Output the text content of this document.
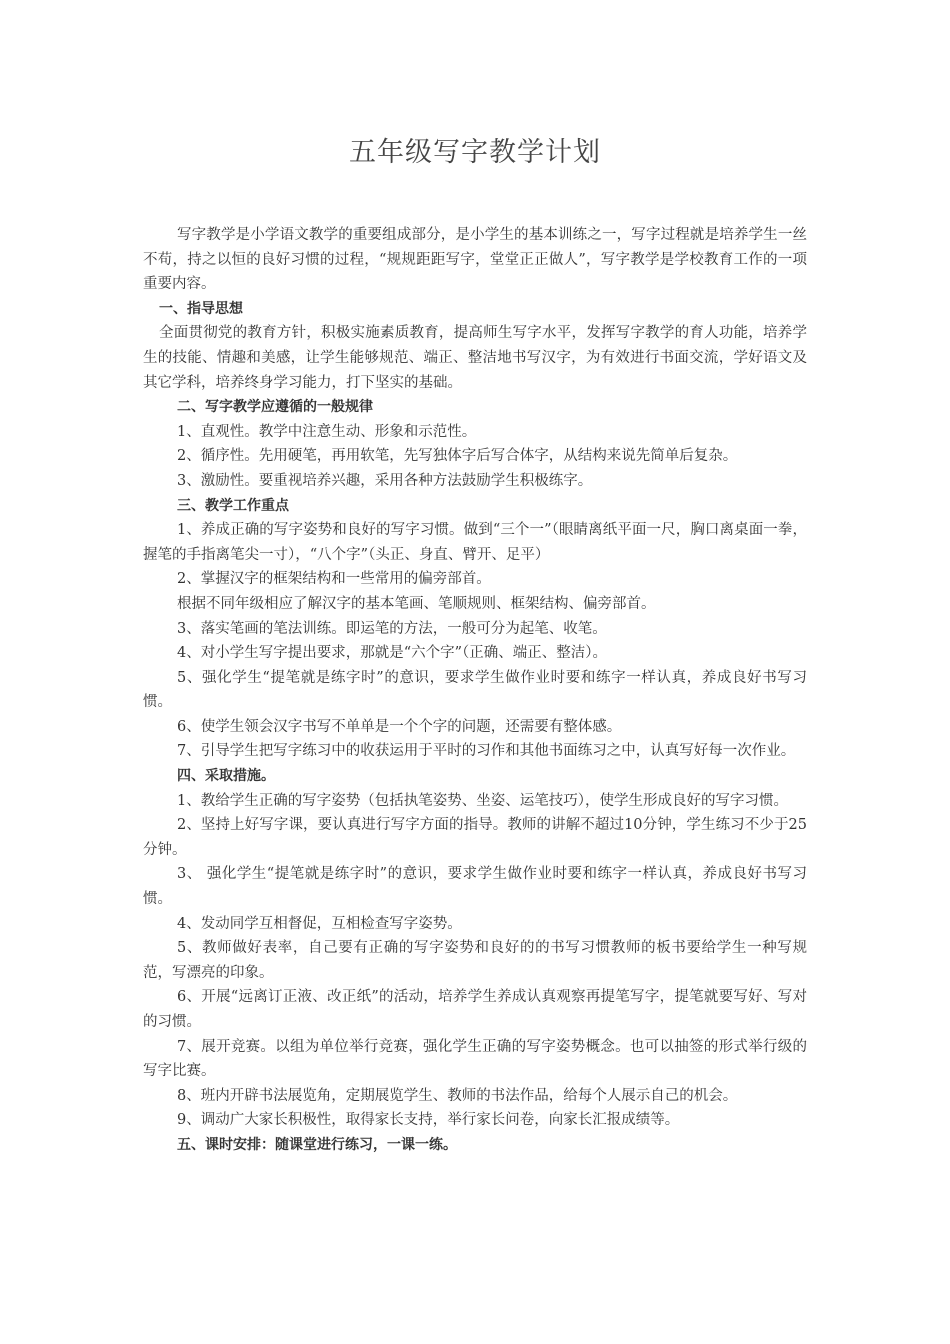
五年级写字教学计划

写字教学是小学语文教学的重要组成部分，是小学生的基本训练之一，写字过程就是培养学生一丝不苟，持之以恒的良好习惯的过程，“规规距距写字，堂堂正正做人”，写字教学是学校教育工作的一项重要内容。

一、指导思想

全面贯彻党的教育方针，积极实施素质教育，提高师生写字水平，发挥写字教学的育人功能，培养学生的技能、情趣和美感，让学生能够规范、端正、整洁地书写汉字，为有效进行书面交流，学好语文及其它学科，培养终身学习能力，打下坚实的基础。

二、写字教学应遵循的一般规律

1、直观性。教学中注意生动、形象和示范性。

2、循序性。先用硬笔，再用软笔，先写独体字后写合体字，从结构来说先简单后复杂。

3、激励性。要重视培养兴趣，采用各种方法鼓励学生积极练字。

三、教学工作重点

1、养成正确的写字姿势和良好的写字习惯。做到“三个一”（眼睛离纸平面一尺，胸口离桌面一拳，握笔的手指离笔尖一寸），“八个字”（头正、身直、臂开、足平）

2、掌握汉字的框架结构和一些常用的偏旁部首。

根据不同年级相应了解汉字的基本笔画、笔顺规则、框架结构、偏旁部首。

3、落实笔画的笔法训练。即运笔的方法，一般可分为起笔、收笔。

4、对小学生写字提出要求，那就是“六个字”（正确、端正、整洁）。

5、强化学生“提笔就是练字时”的意识，要求学生做作业时要和练字一样认真，养成良好书写习惯。

6、使学生领会汉字书写不单单是一个个字的问题，还需要有整体感。

7、引导学生把写字练习中的收获运用于平时的习作和其他书面练习之中，认真写好每一次作业。

四、采取措施。

1、教给学生正确的写字姿势（包括执笔姿势、坐姿、运笔技巧），使学生形成良好的写字习惯。

2、坚持上好写字课，要认真进行写字方面的指导。教师的讲解不超过10分钟，学生练习不少于25分钟。

3、 强化学生“提笔就是练字时”的意识，要求学生做作业时要和练字一样认真，养成良好书写习惯。

4、发动同学互相督促，互相检查写字姿势。

5、教师做好表率，自己要有正确的写字姿势和良好的的书写习惯教师的板书要给学生一种写规范，写漂亮的印象。

6、开展“远离订正液、改正纸”的活动，培养学生养成认真观察再提笔写字，提笔就要写好、写对的习惯。

7、展开竞赛。以组为单位举行竞赛，强化学生正确的写字姿势概念。也可以抽签的形式举行级的写字比赛。

8、班内开辟书法展览角，定期展览学生、教师的书法作品，给每个人展示自己的机会。

9、调动广大家长积极性，取得家长支持，举行家长问卷，向家长汇报成绩等。

五、课时安排：随课堂进行练习，一课一练。
